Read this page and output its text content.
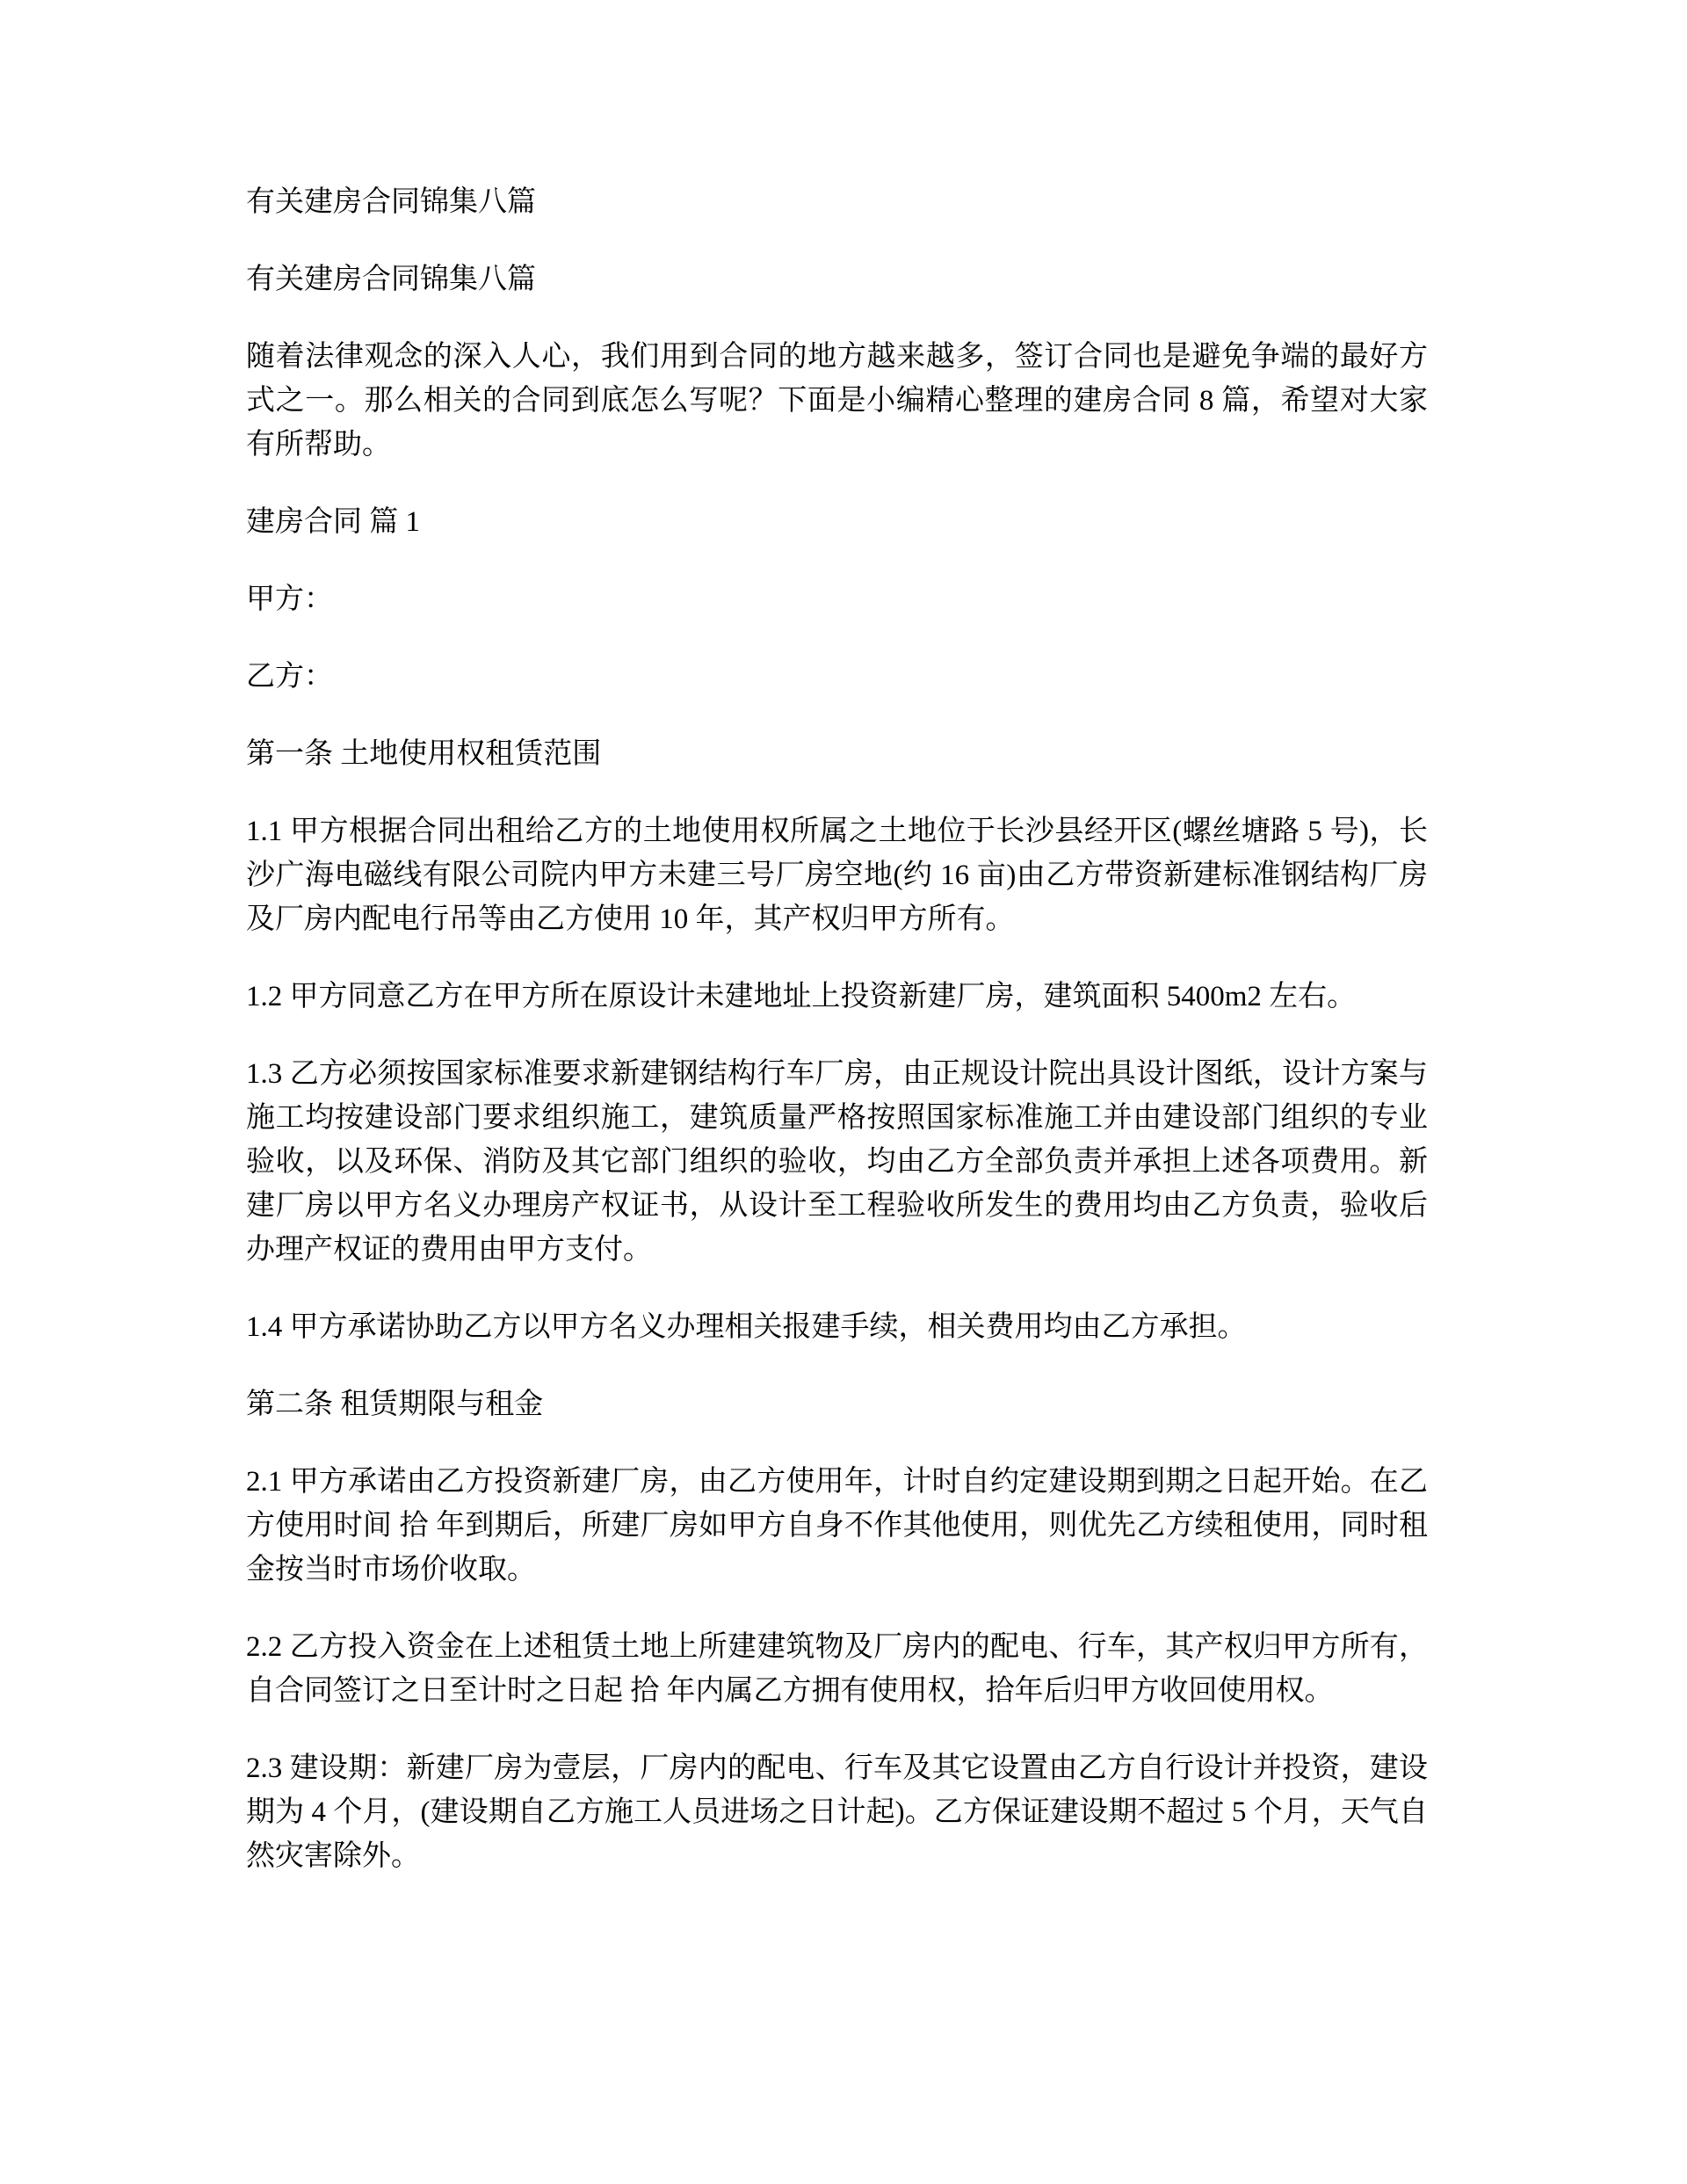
有关建房合同锦集八篇

有关建房合同锦集八篇

随着法律观念的深入人心，我们用到合同的地方越来越多，签订合同也是避免争端的最好方式之一。那么相关的合同到底怎么写呢？下面是小编精心整理的建房合同 8 篇，希望对大家有所帮助。

建房合同 篇 1

甲方：

乙方：

第一条 土地使用权租赁范围

1.1 甲方根据合同出租给乙方的土地使用权所属之土地位于长沙县经开区(螺丝塘路 5 号)，长沙广海电磁线有限公司院内甲方未建三号厂房空地(约 16 亩)由乙方带资新建标准钢结构厂房及厂房内配电行吊等由乙方使用 10 年，其产权归甲方所有。

1.2 甲方同意乙方在甲方所在原设计未建地址上投资新建厂房，建筑面积 5400m2 左右。

1.3 乙方必须按国家标准要求新建钢结构行车厂房，由正规设计院出具设计图纸，设计方案与施工均按建设部门要求组织施工，建筑质量严格按照国家标准施工并由建设部门组织的专业验收，以及环保、消防及其它部门组织的验收，均由乙方全部负责并承担上述各项费用。新建厂房以甲方名义办理房产权证书，从设计至工程验收所发生的费用均由乙方负责，验收后办理产权证的费用由甲方支付。

1.4 甲方承诺协助乙方以甲方名义办理相关报建手续，相关费用均由乙方承担。

第二条 租赁期限与租金

2.1 甲方承诺由乙方投资新建厂房，由乙方使用年，计时自约定建设期到期之日起开始。在乙方使用时间 拾 年到期后，所建厂房如甲方自身不作其他使用，则优先乙方续租使用，同时租金按当时市场价收取。

2.2 乙方投入资金在上述租赁土地上所建建筑物及厂房内的配电、行车，其产权归甲方所有，自合同签订之日至计时之日起 拾 年内属乙方拥有使用权，拾年后归甲方收回使用权。

2.3 建设期：新建厂房为壹层，厂房内的配电、行车及其它设置由乙方自行设计并投资，建设期为 4 个月，(建设期自乙方施工人员进场之日计起)。乙方保证建设期不超过 5 个月，天气自然灾害除外。
